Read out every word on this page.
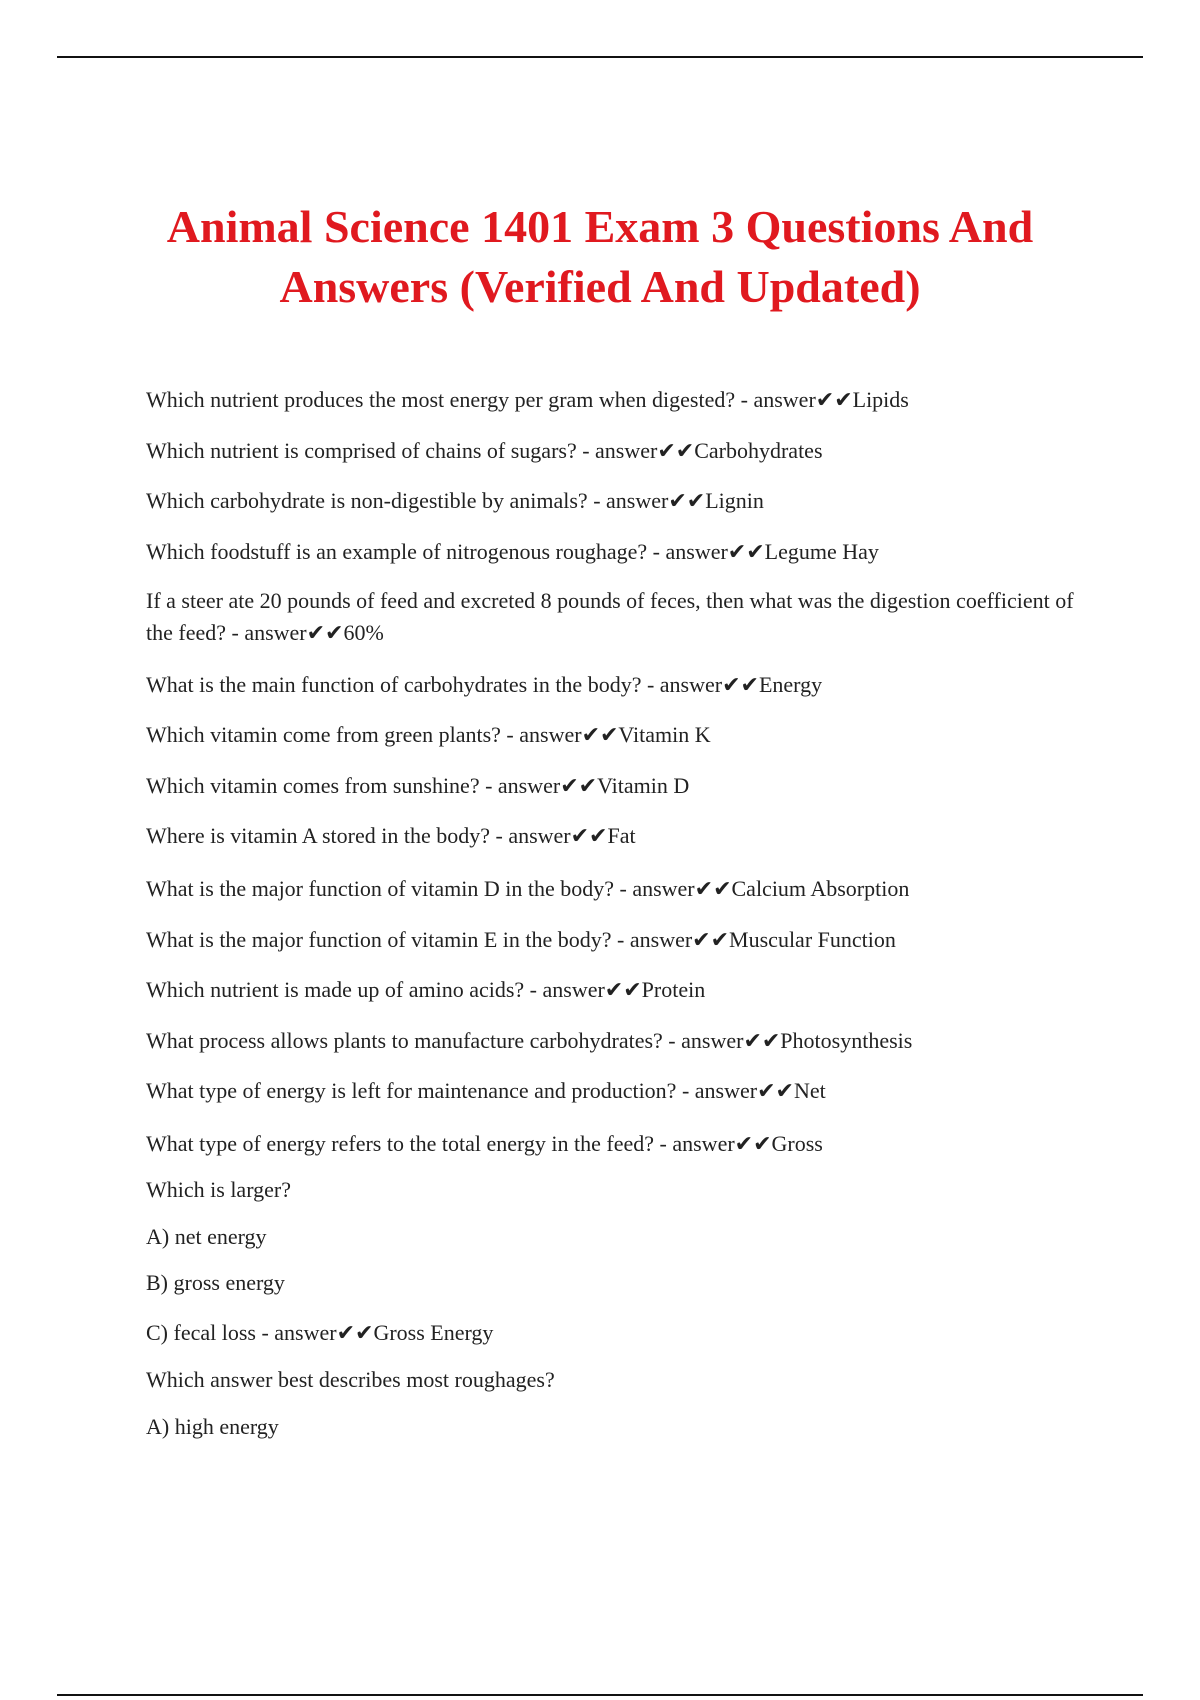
Animal Science 1401 Exam 3 Questions And Answers (Verified And Updated)

Which nutrient produces the most energy per gram when digested? - answer✔✔Lipids

Which nutrient is comprised of chains of sugars? - answer✔✔Carbohydrates

Which carbohydrate is non-digestible by animals? - answer✔✔Lignin

Which foodstuff is an example of nitrogenous roughage? - answer✔✔Legume Hay

If a steer ate 20 pounds of feed and excreted 8 pounds of feces, then what was the digestion coefficient of the feed? - answer✔✔60%

What is the main function of carbohydrates in the body? - answer✔✔Energy

Which vitamin come from green plants? - answer✔✔Vitamin K

Which vitamin comes from sunshine? - answer✔✔Vitamin D

Where is vitamin A stored in the body? - answer✔✔Fat

What is the major function of vitamin D in the body? - answer✔✔Calcium Absorption

What is the major function of vitamin E in the body? - answer✔✔Muscular Function

Which nutrient is made up of amino acids? - answer✔✔Protein

What process allows plants to manufacture carbohydrates? - answer✔✔Photosynthesis

What type of energy is left for maintenance and production? - answer✔✔Net

What type of energy refers to the total energy in the feed? - answer✔✔Gross

Which is larger?

A) net energy

B) gross energy

C) fecal loss - answer✔✔Gross Energy

Which answer best describes most roughages?

A) high energy
